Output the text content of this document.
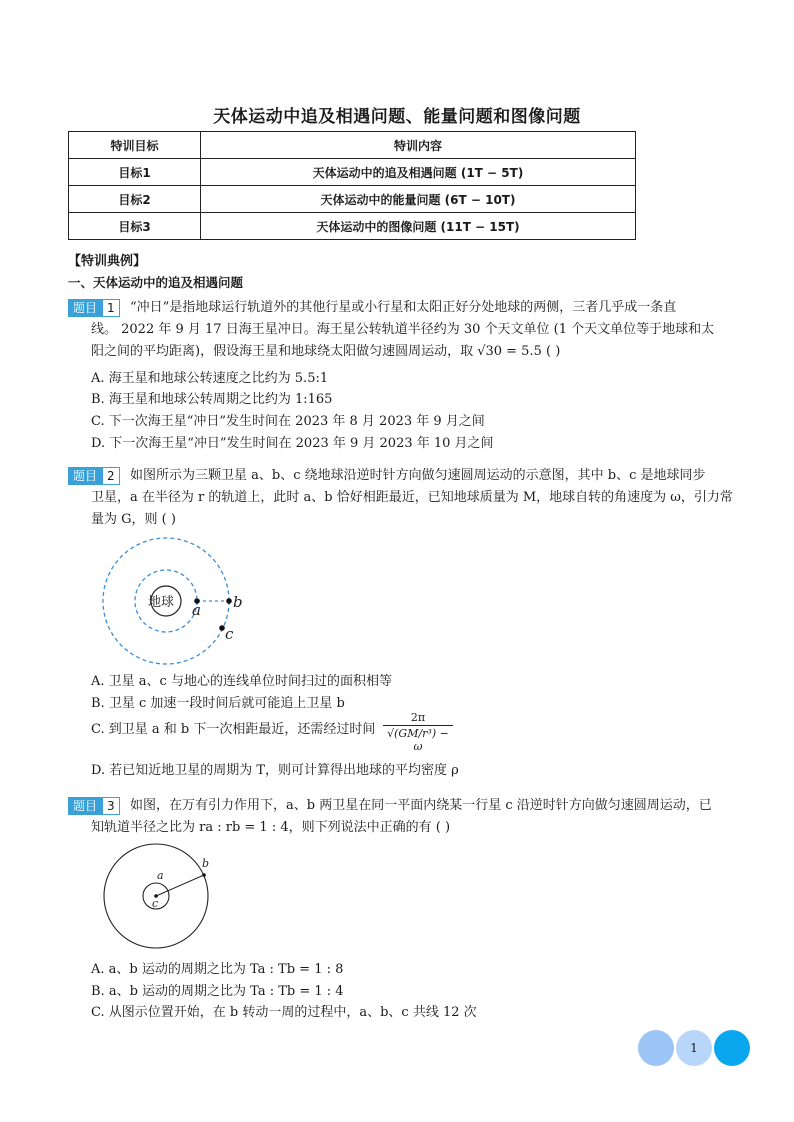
天体运动中追及相遇问题、能量问题和图像问题
特训目标	特训内容
目标1	天体运动中的追及相遇问题 (1T − 5T)
目标2	天体运动中的能量问题 (6T − 10T)
目标3	天体运动中的图像问题 (11T − 15T)
【特训典例】
一、天体运动中的追及相遇问题
题目 1	“冲日”是指地球运行轨道外的其他行星或小行星和太阳正好分处地球的两侧，三者几乎成一条直
线。 2022 年 9 月 17 日海王星冲日。海王星公转轨道半径约为 30 个天文单位 (1 个天文单位等于地球和太
阳之间的平均距离)，假设海王星和地球绕太阳做匀速圆周运动，取 √30 = 5.5 ( )
A. 海王星和地球公转速度之比约为 5.5:1
B. 海王星和地球公转周期之比约为 1:165
C. 下一次海王星“冲日”发生时间在 2023 年 8 月 2023 年 9 月之间
D. 下一次海王星“冲日”发生时间在 2023 年 9 月 2023 年 10 月之间
题目 2	如图所示为三颗卫星 a、b、c 绕地球沿逆时针方向做匀速圆周运动的示意图，其中 b、c 是地球同步
卫星，a 在半径为 r 的轨道上，此时 a、b 恰好相距最近，已知地球质量为 M，地球自转的角速度为 ω，引力常
量为 G，则 ( )
地球 a b
c
A. 卫星 a、c 与地心的连线单位时间扫过的面积相等
B. 卫星 c 加速一段时间后就可能追上卫星 b
C. 到卫星 a 和 b 下一次相距最近，还需经过时间 $\frac{2\pi}{\text{√(GM/r³) − ω}}$
D. 若已知近地卫星的周期为 T，则可计算得出地球的平均密度 ρ
题目 3	如图，在万有引力作用下，a、b 两卫星在同一平面内绕某一行星 c 沿逆时针方向做匀速圆周运动，已
知轨道半径之比为 ra : rb = 1 : 4，则下列说法中正确的有 ( )
a
b
c
A. a、b 运动的周期之比为 Ta : Tb = 1 : 8
B. a、b 运动的周期之比为 Ta : Tb = 1 : 4
C. 从图示位置开始，在 b 转动一周的过程中，a、b、c 共线 12 次
1
